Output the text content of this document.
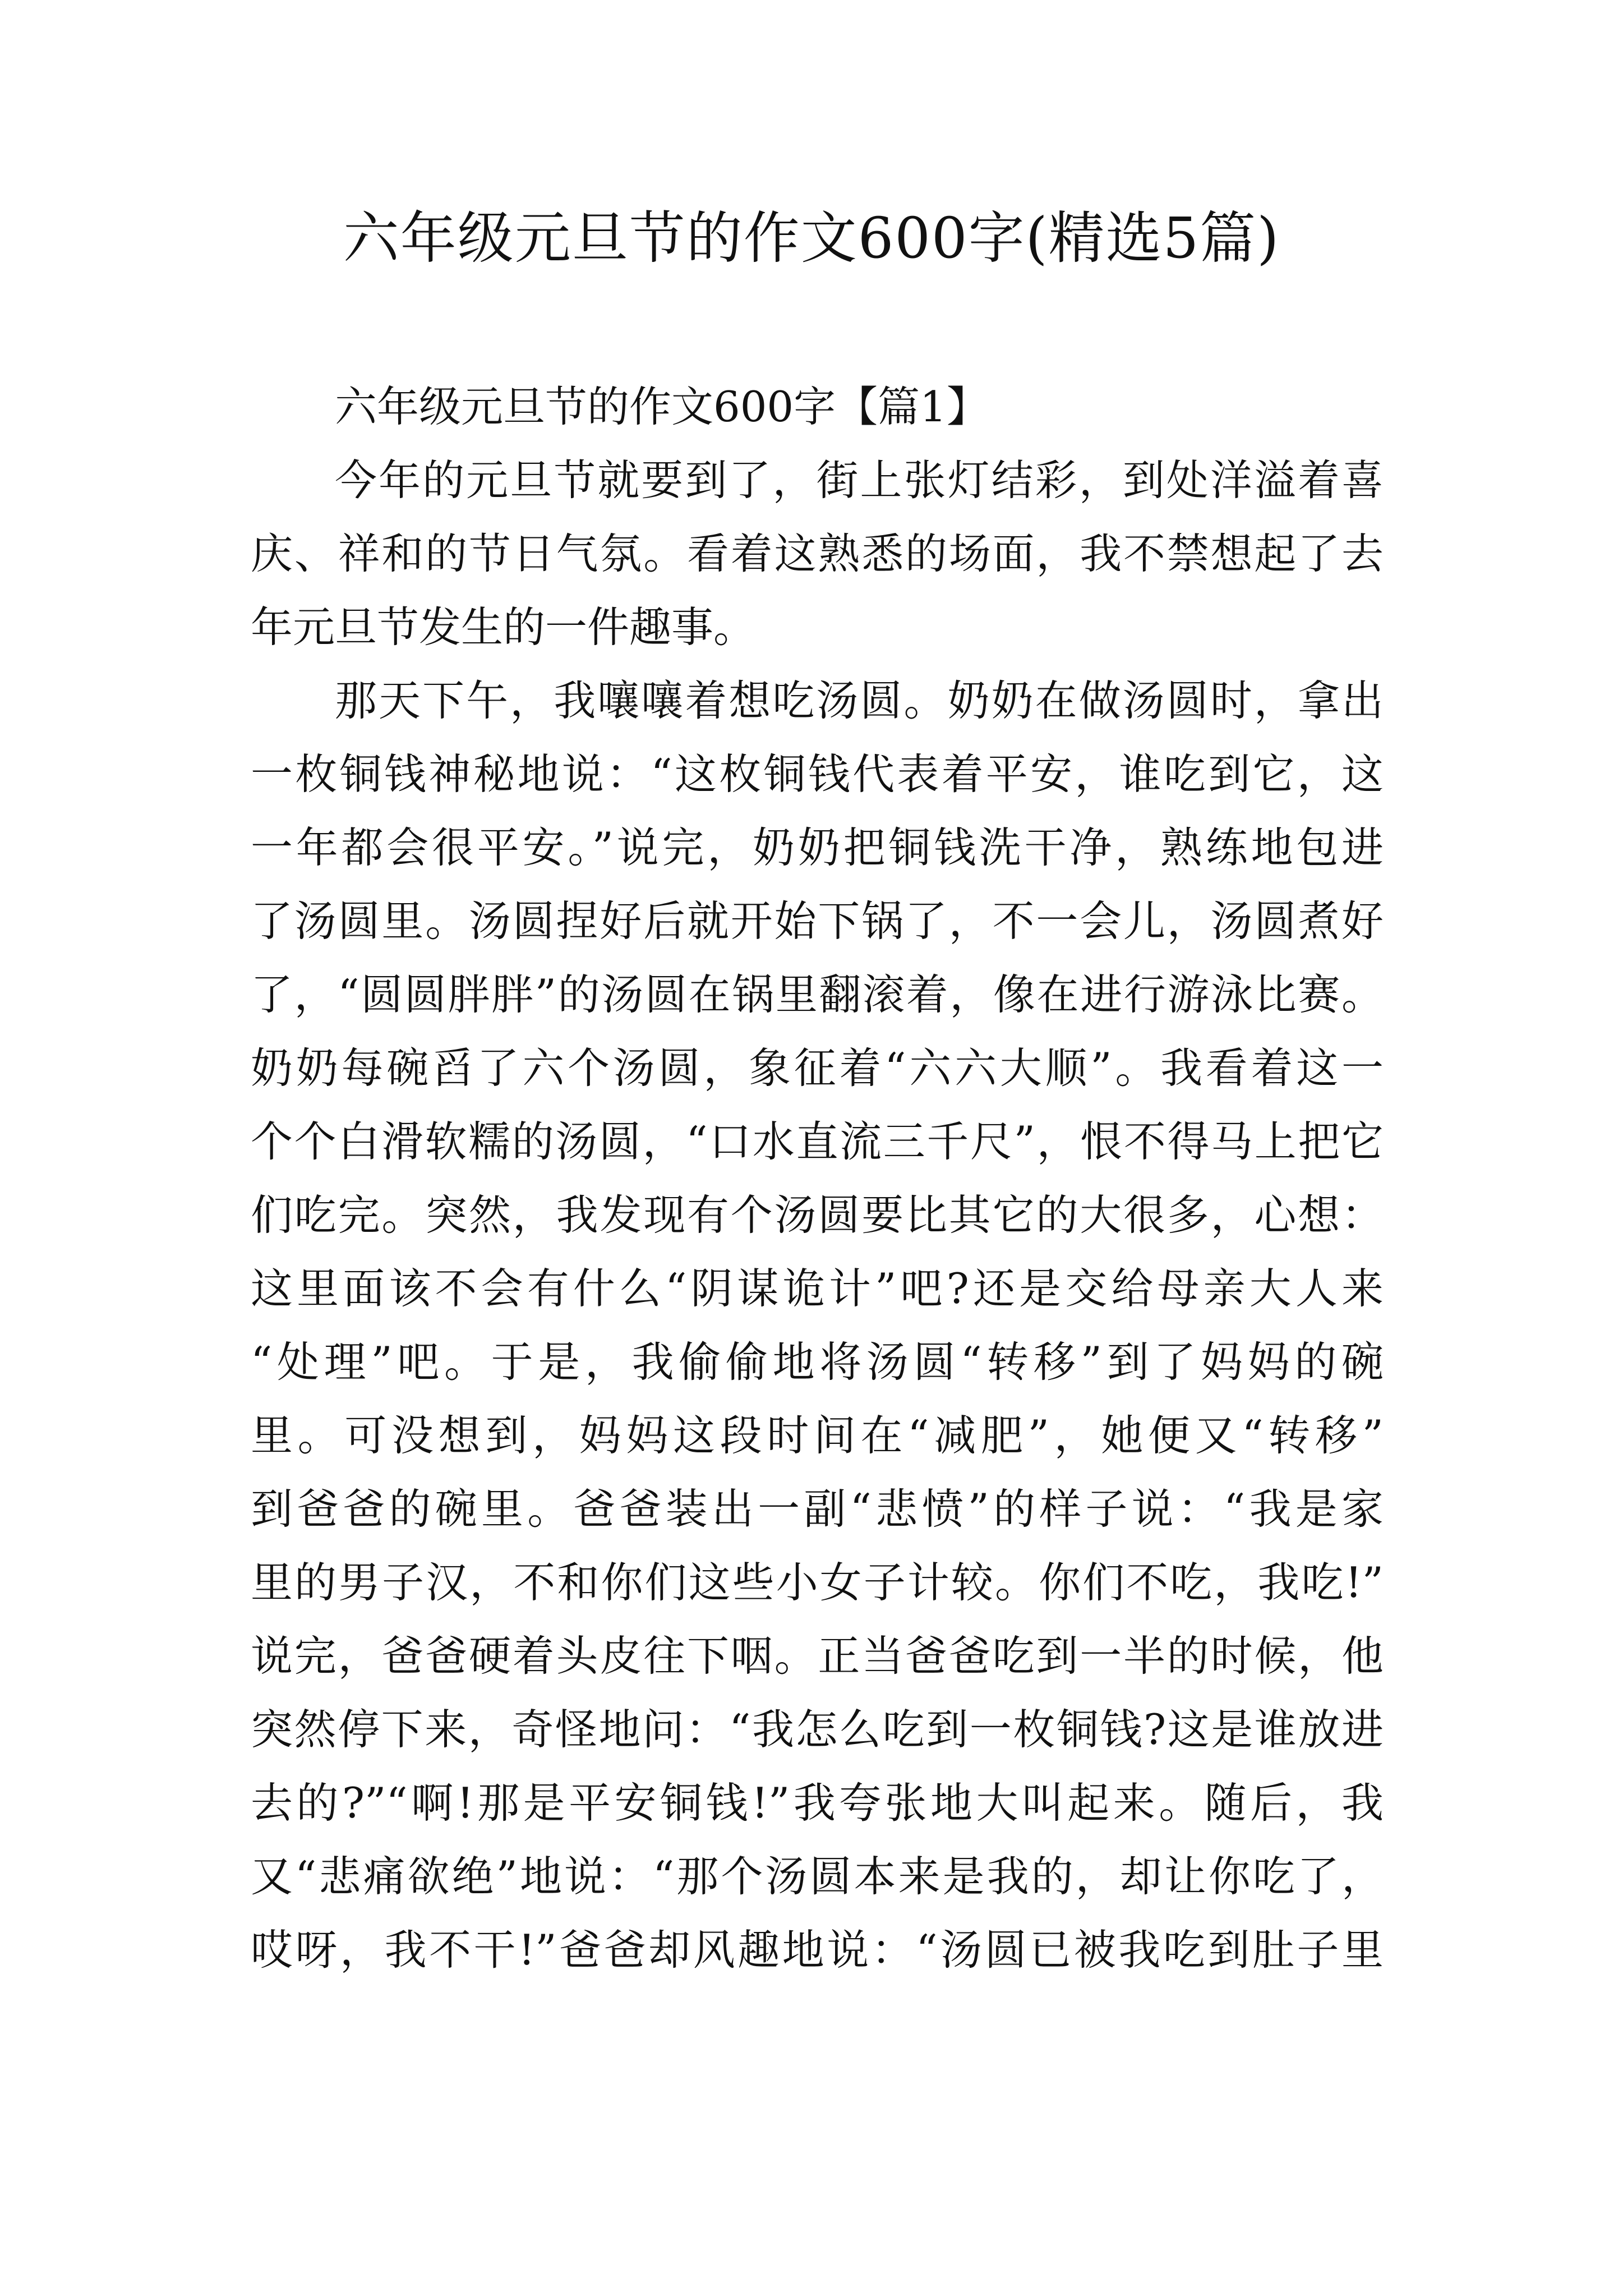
六年级元旦节的作文600字(精选5篇)
六年级元旦节的作文600字【篇1】
今年的元旦节就要到了，街上张灯结彩，到处洋溢着喜
庆、祥和的节日气氛。看着这熟悉的场面，我不禁想起了去
年元旦节发生的一件趣事。
那天下午，我嚷嚷着想吃汤圆。奶奶在做汤圆时，拿出
一枚铜钱神秘地说：“这枚铜钱代表着平安，谁吃到它，这
一年都会很平安。”说完，奶奶把铜钱洗干净，熟练地包进
了汤圆里。汤圆捏好后就开始下锅了，不一会儿，汤圆煮好
了，“圆圆胖胖”的汤圆在锅里翻滚着，像在进行游泳比赛。
奶奶每碗舀了六个汤圆，象征着“六六大顺”。我看着这一
个个白滑软糯的汤圆，“口水直流三千尺”，恨不得马上把它
们吃完。突然，我发现有个汤圆要比其它的大很多，心想：
这里面该不会有什么“阴谋诡计”吧?还是交给母亲大人来
“处理”吧。于是，我偷偷地将汤圆“转移”到了妈妈的碗
里。可没想到，妈妈这段时间在“减肥”，她便又“转移”
到爸爸的碗里。爸爸装出一副“悲愤”的样子说：“我是家
里的男子汉，不和你们这些小女子计较。你们不吃，我吃!”
说完，爸爸硬着头皮往下咽。正当爸爸吃到一半的时候，他
突然停下来，奇怪地问：“我怎么吃到一枚铜钱?这是谁放进
去的?”“啊!那是平安铜钱!”我夸张地大叫起来。随后，我
又“悲痛欲绝”地说：“那个汤圆本来是我的，却让你吃了，
哎呀，我不干!”爸爸却风趣地说：“汤圆已被我吃到肚子里
